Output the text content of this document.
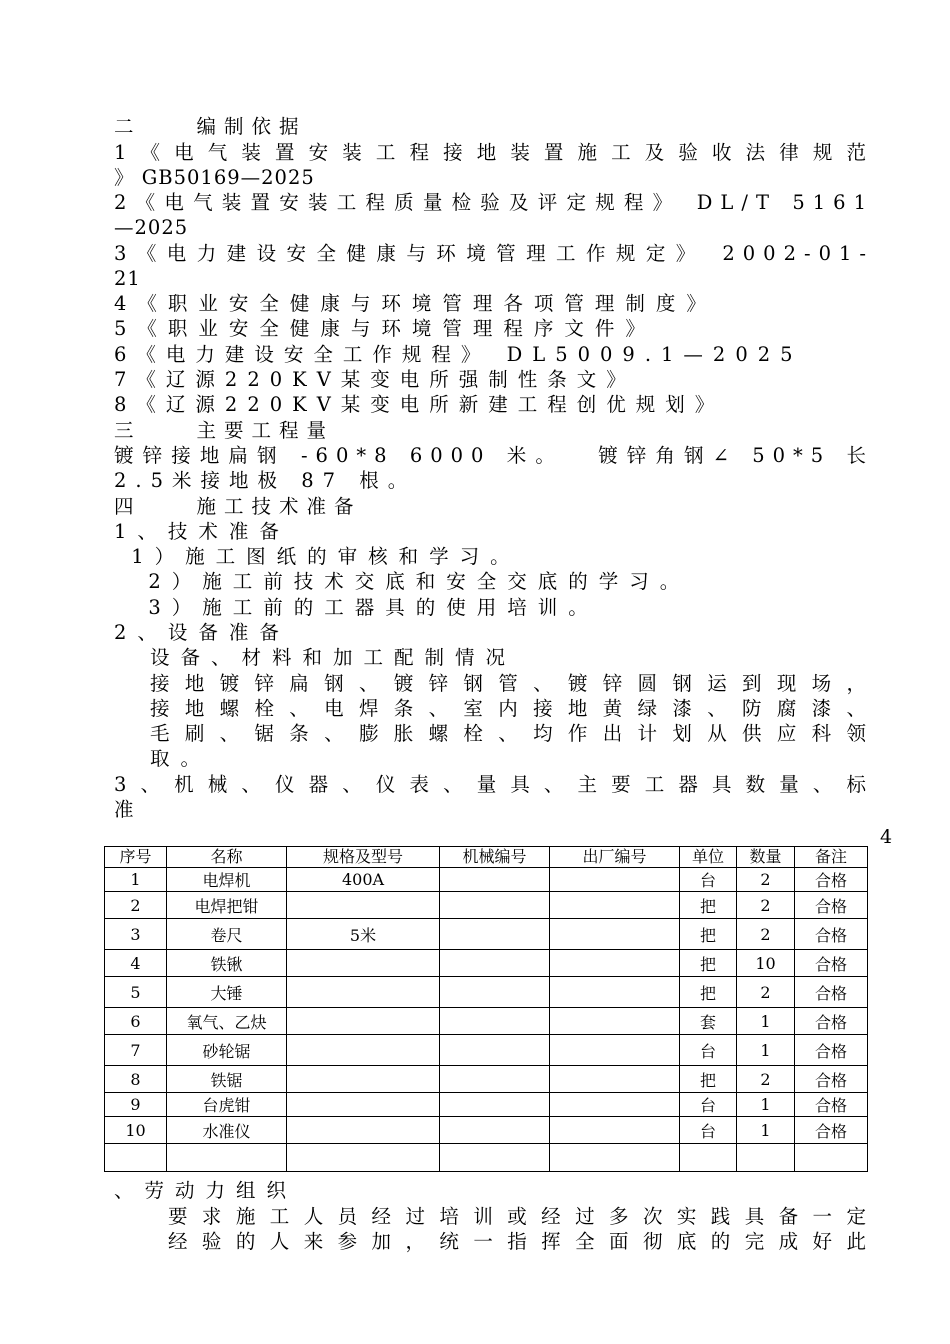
二　　编制依据
1《电气装置安装工程接地装置施工及验收法律规范
》 GB50169—2025
2《电气装置安装工程质量检验及评定规程》 DL/T 5161
—2025
3《电力建设安全健康与环境管理工作规定》 2002-01-
21
4《职业安全健康与环境管理各项管理制度》
5《职业安全健康与环境管理程序文件》
6《电力建设安全工作规程》 DL5009.1—2025
7《辽源220KV某变电所强制性条文》
8《辽源220KV某变电所新建工程创优规划》
三　　主要工程量
镀锌接地扁钢 -60*8 6000 米。　 镀锌角钢∠ 50*5 长
2.5米接地极 87 根。
四　　施工技术准备
1、技术准备
1）施工图纸的审核和学习。
2）施工前技术交底和安全交底的学习。
3）施工前的工器具的使用培训。
2、设备准备
设备、材料和加工配制情况
接地镀锌扁钢、镀锌钢管、镀锌圆钢运到现场，
接地螺栓、电焊条、室内接地黄绿漆、防腐漆、
毛刷、锯条、膨胀螺栓、均作出计划从供应科领
取。
3、机械、仪器、仪表、量具、主要工器具数量、标
准
4
序号	名称	规格及型号	机械编号	出厂编号	单位	数量	备注
1	电焊机	400A			台	2	合格
2	电焊把钳				把	2	合格
3	卷尺	5米			把	2	合格
4	铁锹				把	10	合格
5	大锤				把	2	合格
6	氧气、乙炔				套	1	合格
7	砂轮锯				台	1	合格
8	铁锯				把	2	合格
9	台虎钳				台	1	合格
10	水准仪				台	1	合格

、劳动力组织
要求施工人员经过培训或经过多次实践具备一定
经验的人来参加，统一指挥全面彻底的完成好此
